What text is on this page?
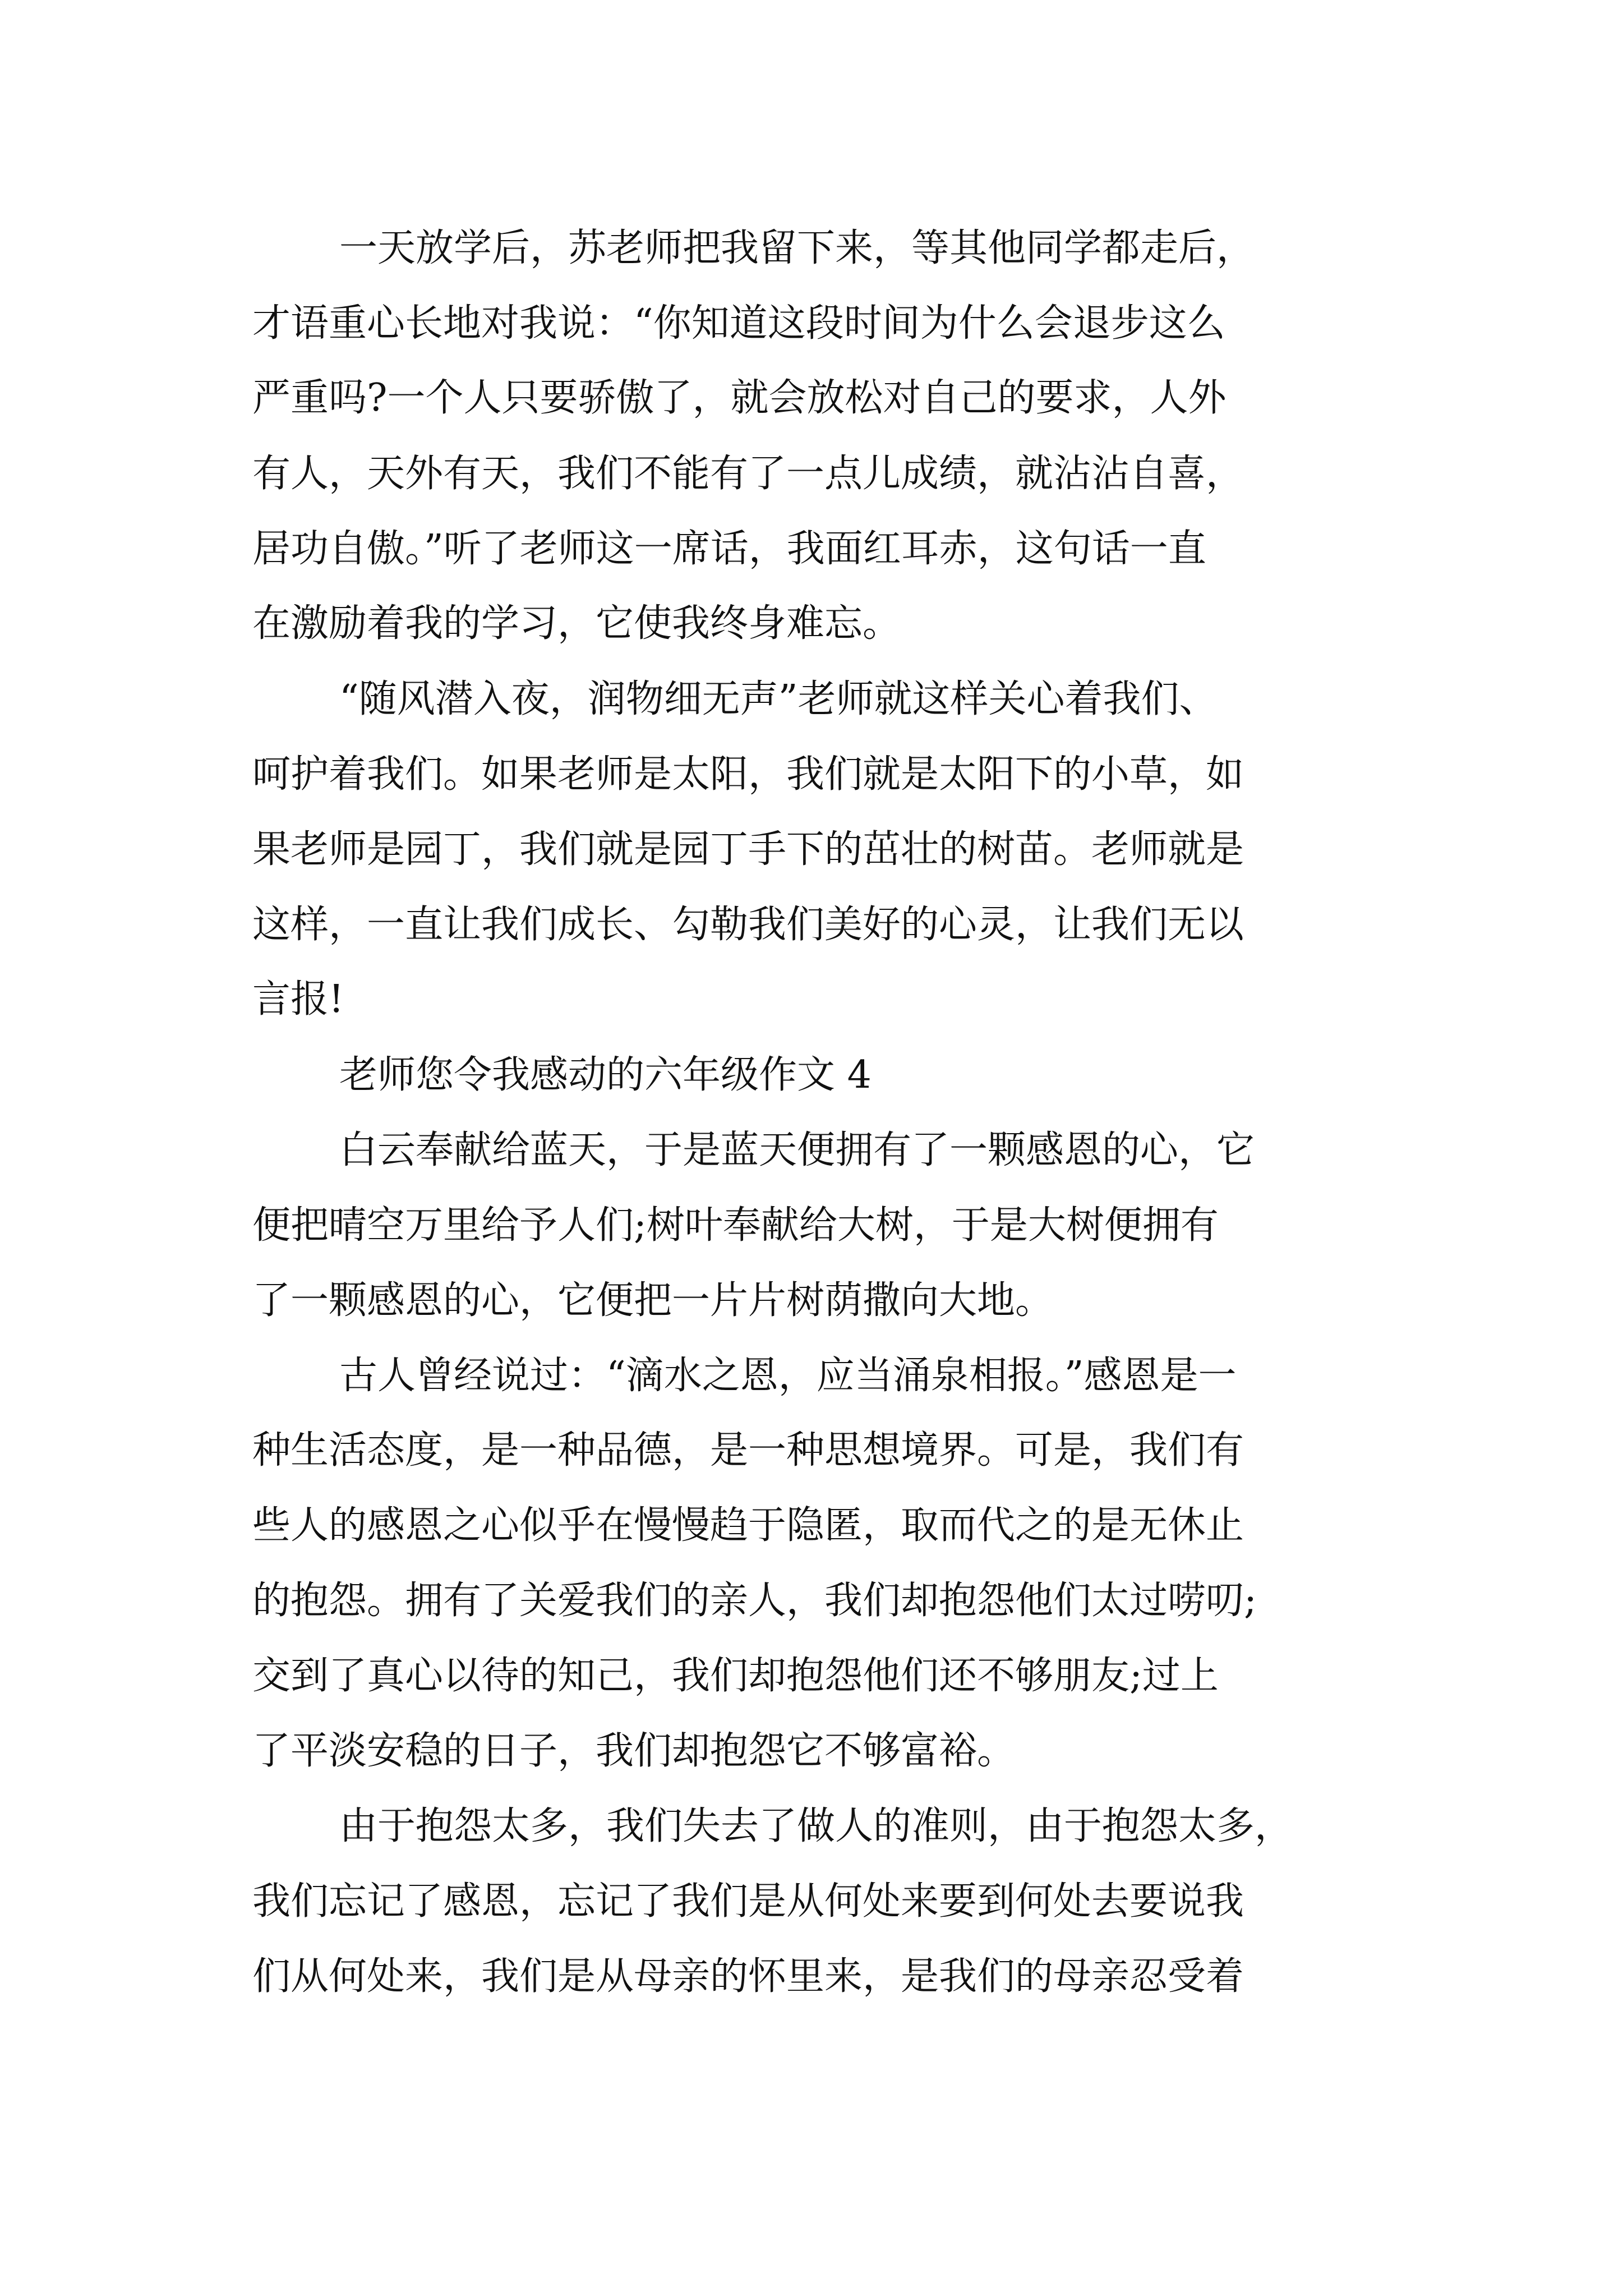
一天放学后，苏老师把我留下来，等其他同学都走后，
才语重心长地对我说：“你知道这段时间为什么会退步这么
严重吗?一个人只要骄傲了，就会放松对自己的要求，人外
有人，天外有天，我们不能有了一点儿成绩，就沾沾自喜，
居功自傲。”听了老师这一席话，我面红耳赤，这句话一直
在激励着我的学习，它使我终身难忘。
“随风潜入夜，润物细无声”老师就这样关心着我们、
呵护着我们。如果老师是太阳，我们就是太阳下的小草，如
果老师是园丁，我们就是园丁手下的茁壮的树苗。老师就是
这样，一直让我们成长、勾勒我们美好的心灵，让我们无以
言报!
老师您令我感动的六年级作文 4
白云奉献给蓝天，于是蓝天便拥有了一颗感恩的心，它
便把晴空万里给予人们;树叶奉献给大树，于是大树便拥有
了一颗感恩的心，它便把一片片树荫撒向大地。
古人曾经说过：“滴水之恩，应当涌泉相报。”感恩是一
种生活态度，是一种品德，是一种思想境界。可是，我们有
些人的感恩之心似乎在慢慢趋于隐匿，取而代之的是无休止
的抱怨。拥有了关爱我们的亲人，我们却抱怨他们太过唠叨;
交到了真心以待的知己，我们却抱怨他们还不够朋友;过上
了平淡安稳的日子，我们却抱怨它不够富裕。
由于抱怨太多，我们失去了做人的准则，由于抱怨太多，
我们忘记了感恩，忘记了我们是从何处来要到何处去要说我
们从何处来，我们是从母亲的怀里来，是我们的母亲忍受着
